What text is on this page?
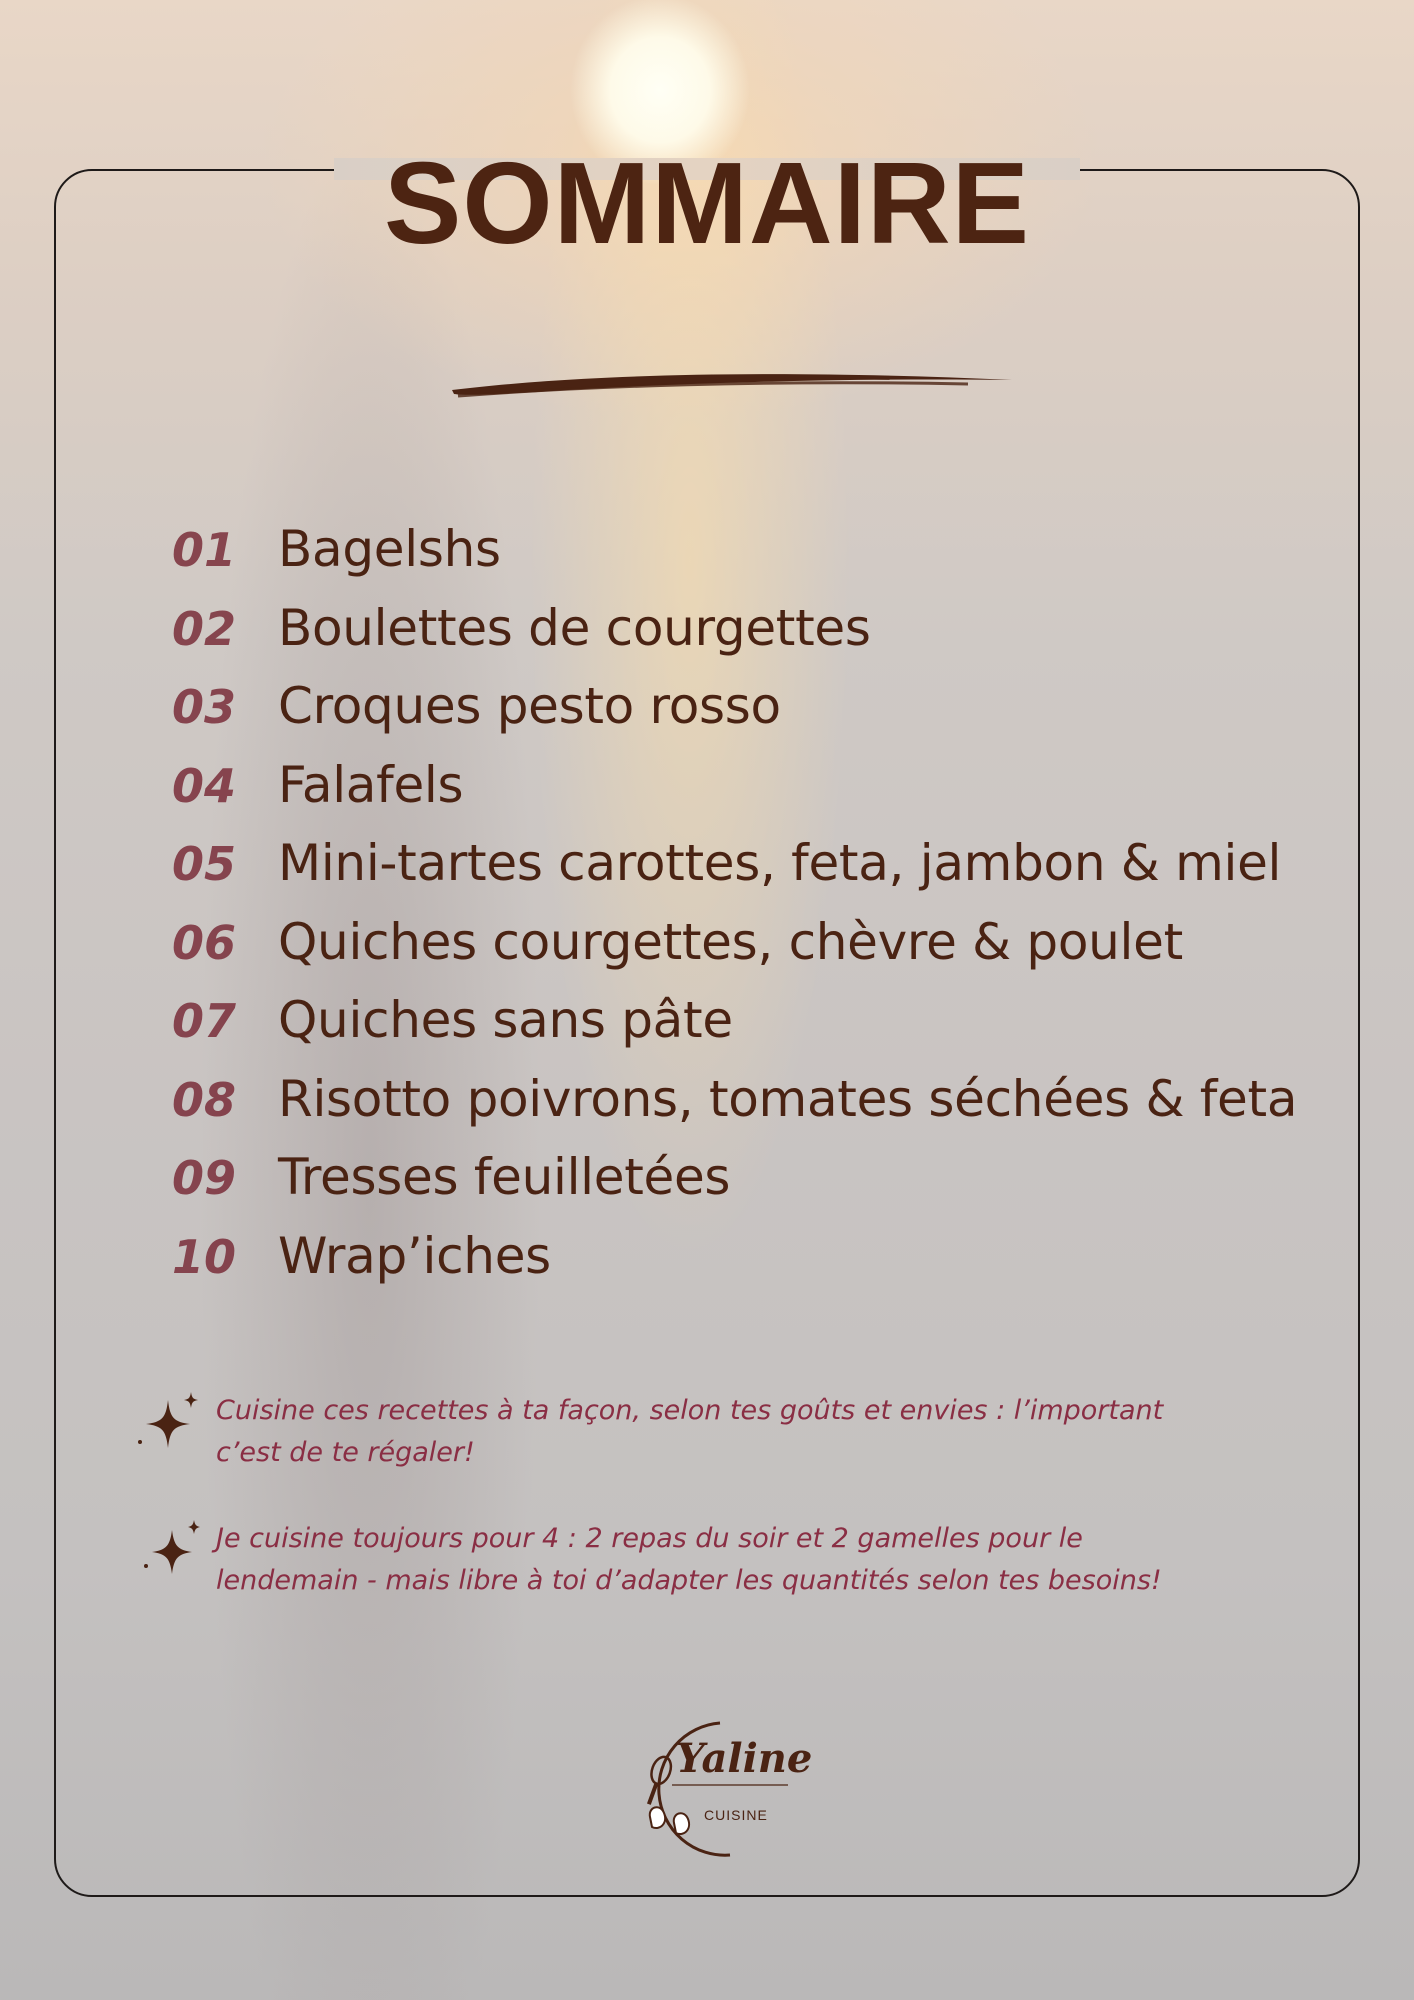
SOMMAIRE
01 Bagelshs
02 Boulettes de courgettes
03 Croques pesto rosso
04 Falafels
05 Mini-tartes carottes, feta, jambon & miel
06 Quiches courgettes, chèvre & poulet
07 Quiches sans pâte
08 Risotto poivrons, tomates séchées & feta
09 Tresses feuilletées
10 Wrap’iches
Cuisine ces recettes à ta façon, selon tes goûts et envies : l’important
c’est de te régaler!
Je cuisine toujours pour 4 : 2 repas du soir et 2 gamelles pour le
lendemain - mais libre à toi d’adapter les quantités selon tes besoins!
Yaline
CUISINE
